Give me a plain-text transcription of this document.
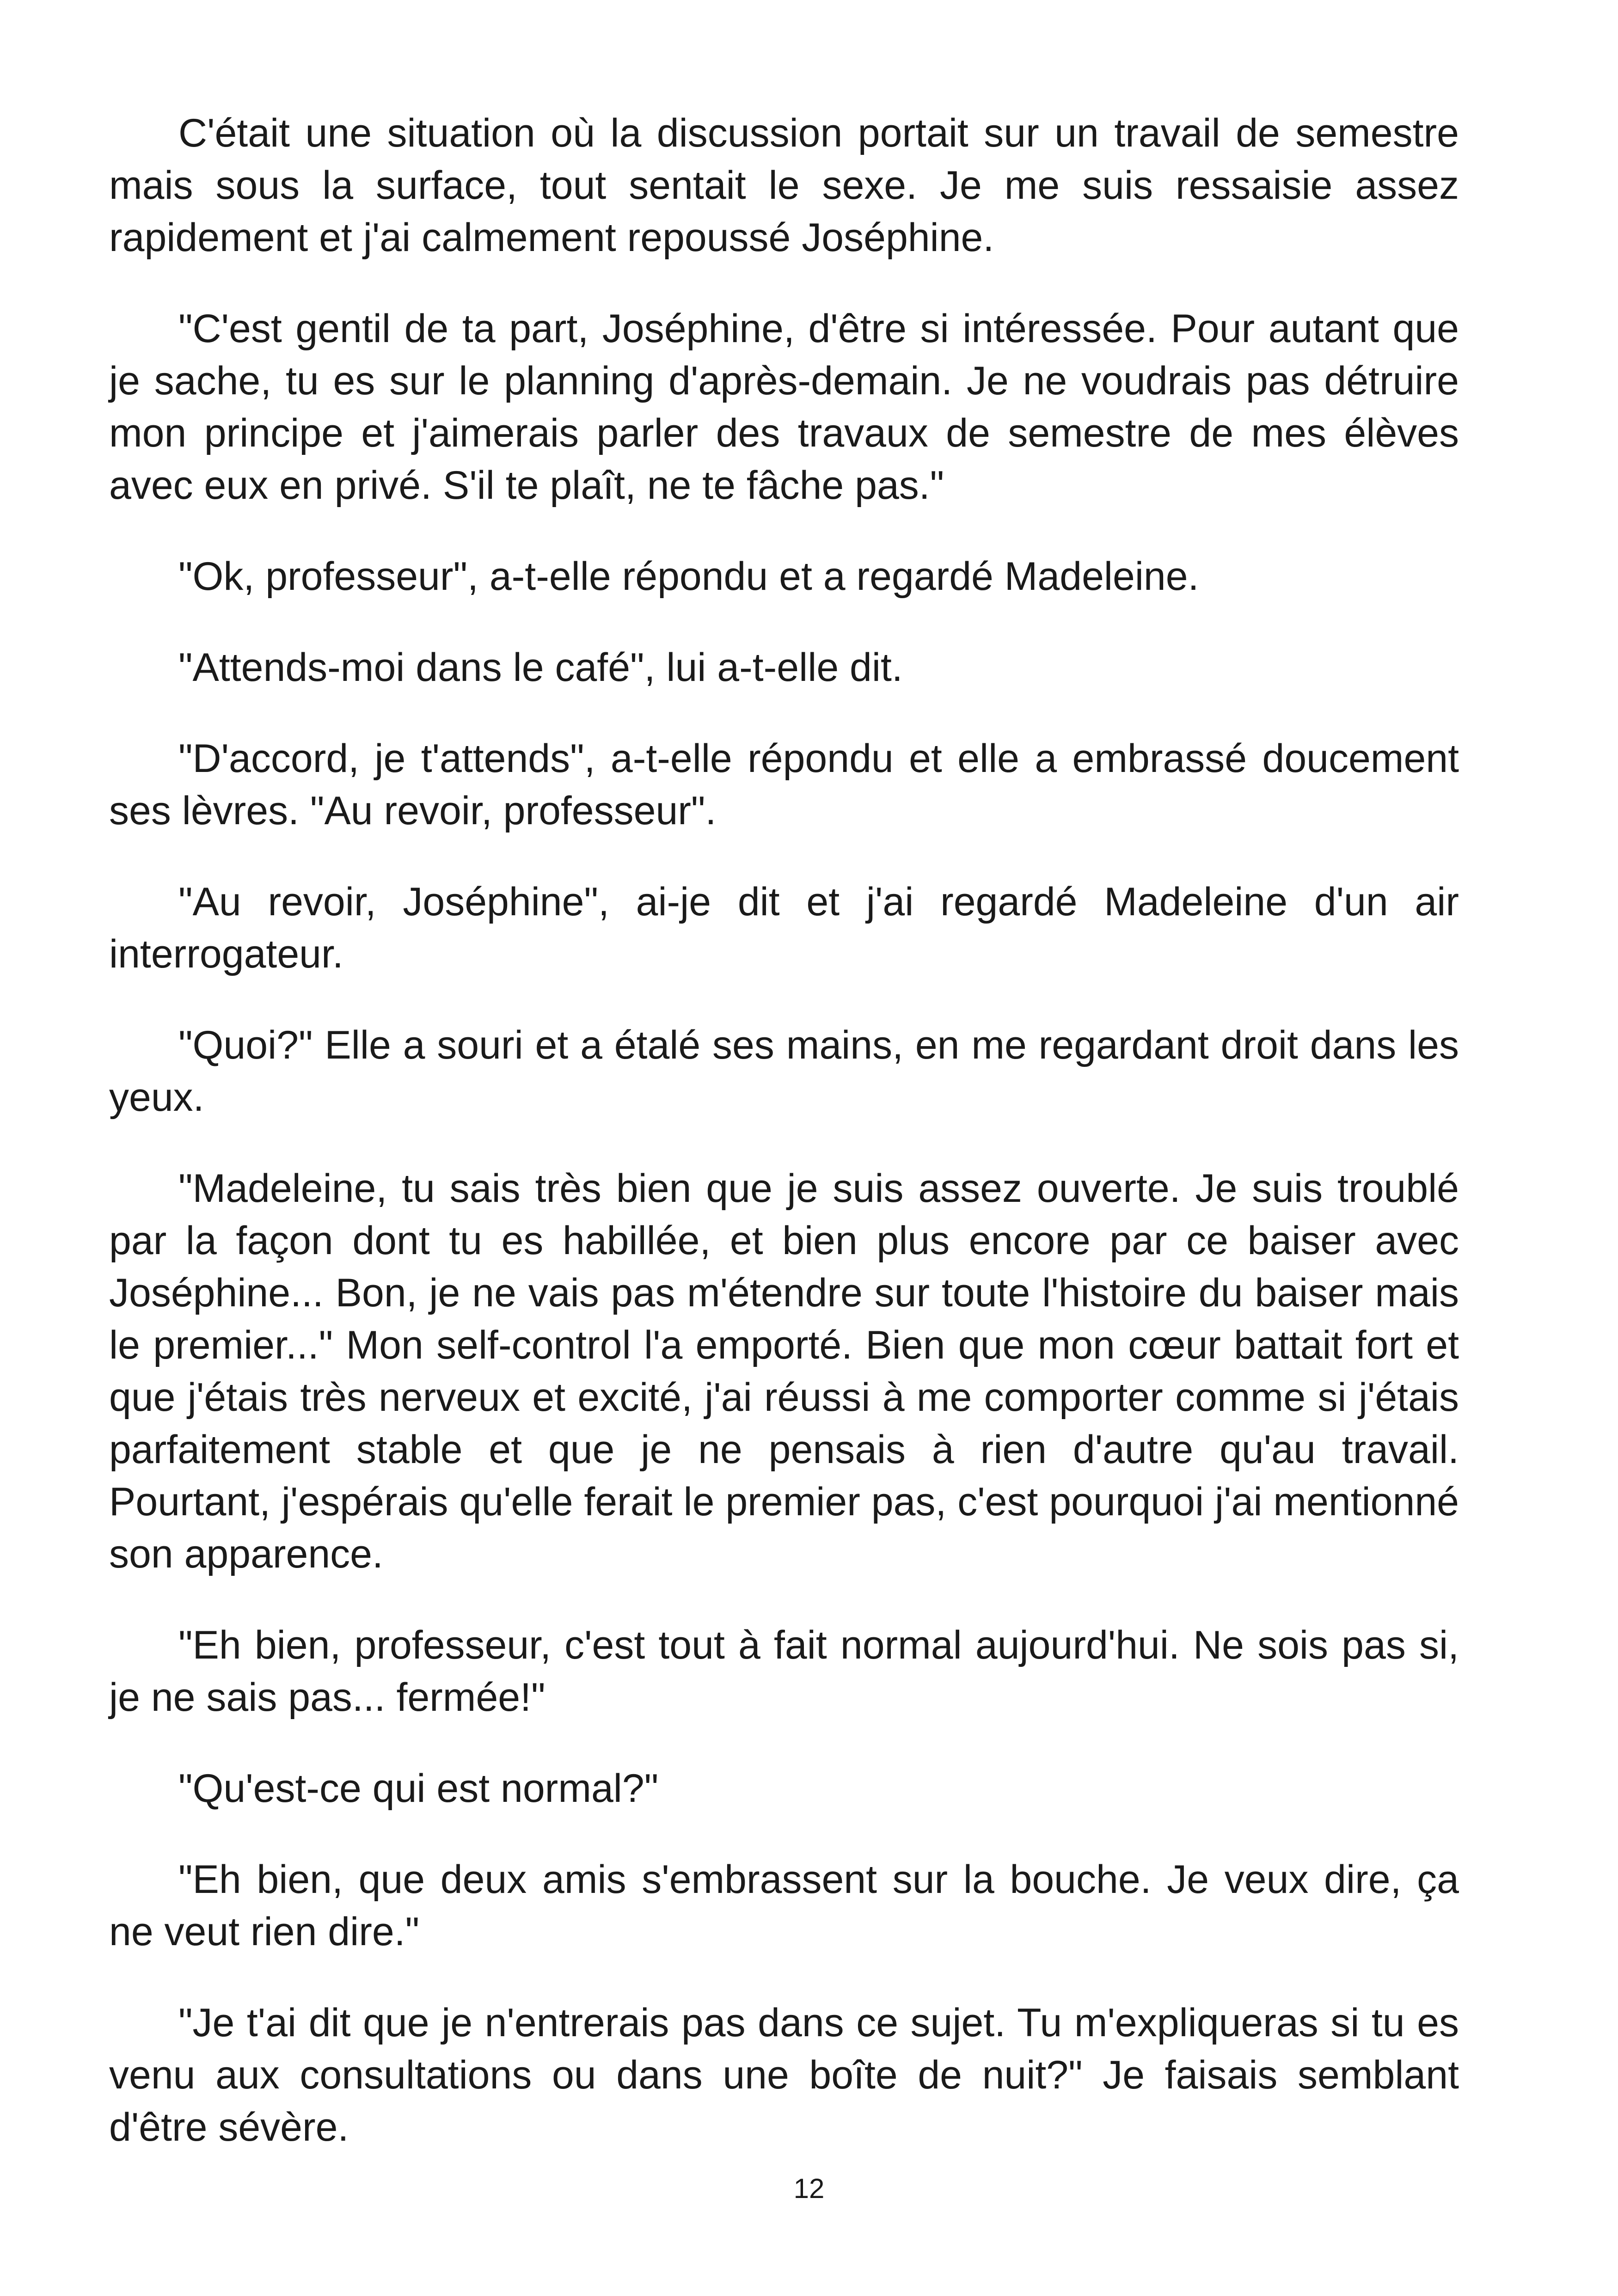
C'était une situation où la discussion portait sur un travail de semestre mais sous la surface, tout sentait le sexe. Je me suis ressaisie assez rapidement et j'ai calmement repoussé Joséphine.

"C'est gentil de ta part, Joséphine, d'être si intéressée. Pour autant que je sache, tu es sur le planning d'après-demain. Je ne voudrais pas détruire mon principe et j'aimerais parler des travaux de semestre de mes élèves avec eux en privé. S'il te plaît, ne te fâche pas."

"Ok, professeur", a-t-elle répondu et a regardé Madeleine.

"Attends-moi dans le café", lui a-t-elle dit.

"D'accord, je t'attends", a-t-elle répondu et elle a embrassé doucement ses lèvres. "Au revoir, professeur".

"Au revoir, Joséphine", ai-je dit et j'ai regardé Madeleine d'un air interrogateur.

"Quoi?" Elle a souri et a étalé ses mains, en me regardant droit dans les yeux.

"Madeleine, tu sais très bien que je suis assez ouverte. Je suis troublé par la façon dont tu es habillée, et bien plus encore par ce baiser avec Joséphine... Bon, je ne vais pas m'étendre sur toute l'histoire du baiser mais le premier..." Mon self-control l'a emporté. Bien que mon cœur battait fort et que j'étais très nerveux et excité, j'ai réussi à me comporter comme si j'étais parfaitement stable et que je ne pensais à rien d'autre qu'au travail. Pourtant, j'espérais qu'elle ferait le premier pas, c'est pourquoi j'ai mentionné son apparence.

"Eh bien, professeur, c'est tout à fait normal aujourd'hui. Ne sois pas si, je ne sais pas... fermée!"

"Qu'est-ce qui est normal?"

"Eh bien, que deux amis s'embrassent sur la bouche. Je veux dire, ça ne veut rien dire."

"Je t'ai dit que je n'entrerais pas dans ce sujet. Tu m'expliqueras si tu es venu aux consultations ou dans une boîte de nuit?" Je faisais semblant d'être sévère.

12
